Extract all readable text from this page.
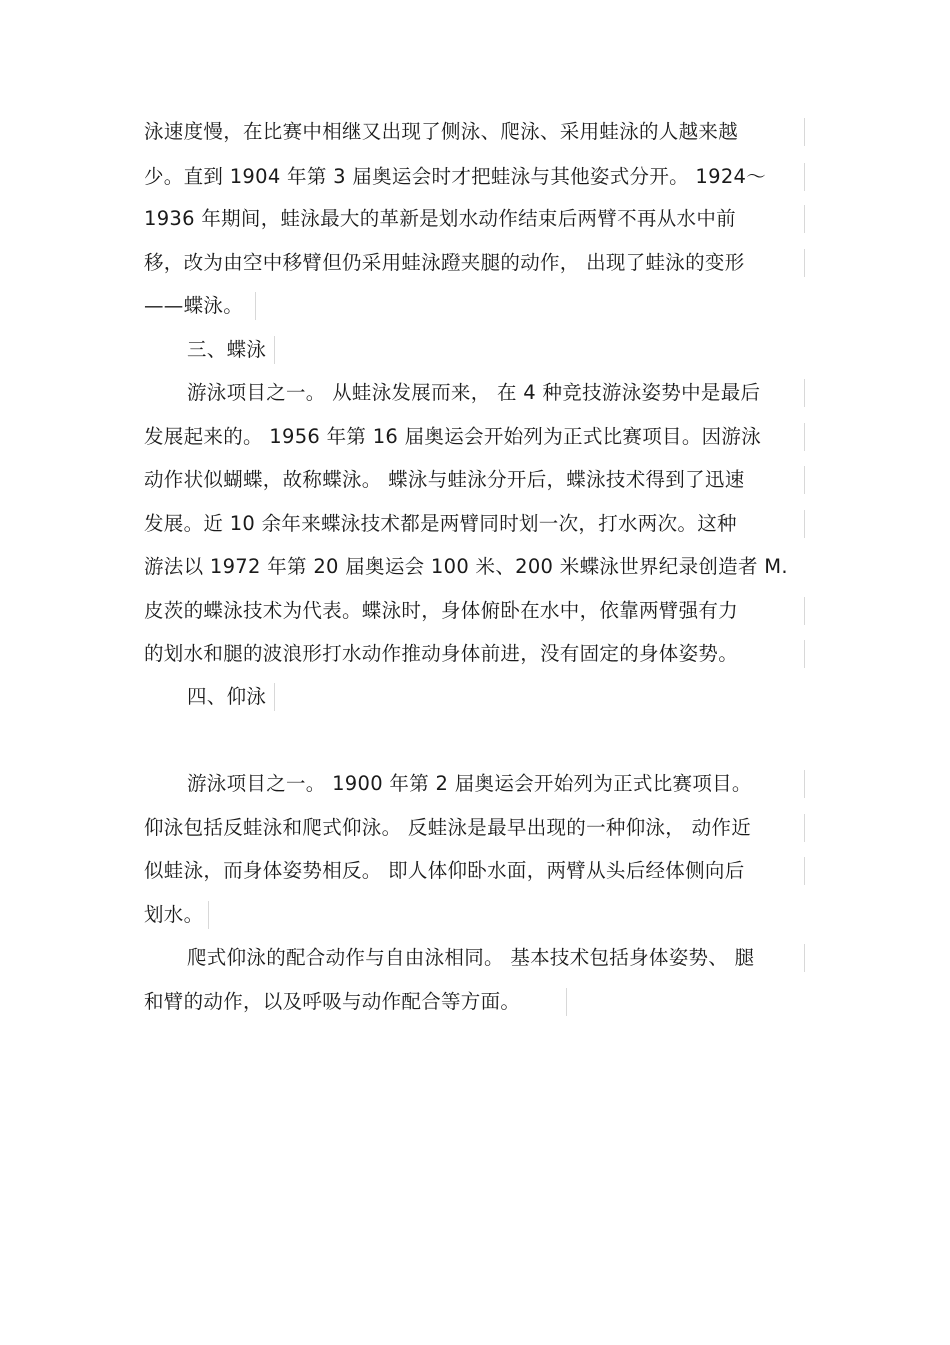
泳速度慢，在比赛中相继又出现了侧泳、爬泳、采用蛙泳的人越来越
少。直到 1904 年第 3 届奥运会时才把蛙泳与其他姿式分开。 1924～
1936 年期间，蛙泳最大的革新是划水动作结束后两臂不再从水中前
移，改为由空中移臂但仍采用蛙泳蹬夹腿的动作， 出现了蛙泳的变形
——蝶泳。
三、蝶泳
游泳项目之一。 从蛙泳发展而来， 在 4 种竞技游泳姿势中是最后
发展起来的。 1956 年第 16 届奥运会开始列为正式比赛项目。因游泳
动作状似蝴蝶，故称蝶泳。 蝶泳与蛙泳分开后，蝶泳技术得到了迅速
发展。近 10 余年来蝶泳技术都是两臂同时划一次，打水两次。这种
游法以 1972 年第 20 届奥运会 100 米、200 米蝶泳世界纪录创造者 M.
皮茨的蝶泳技术为代表。蝶泳时，身体俯卧在水中，依靠两臂强有力
的划水和腿的波浪形打水动作推动身体前进，没有固定的身体姿势。
四、仰泳
游泳项目之一。 1900 年第 2 届奥运会开始列为正式比赛项目。
仰泳包括反蛙泳和爬式仰泳。 反蛙泳是最早出现的一种仰泳， 动作近
似蛙泳，而身体姿势相反。 即人体仰卧水面，两臂从头后经体侧向后
划水。
爬式仰泳的配合动作与自由泳相同。 基本技术包括身体姿势、 腿
和臂的动作，以及呼吸与动作配合等方面。
